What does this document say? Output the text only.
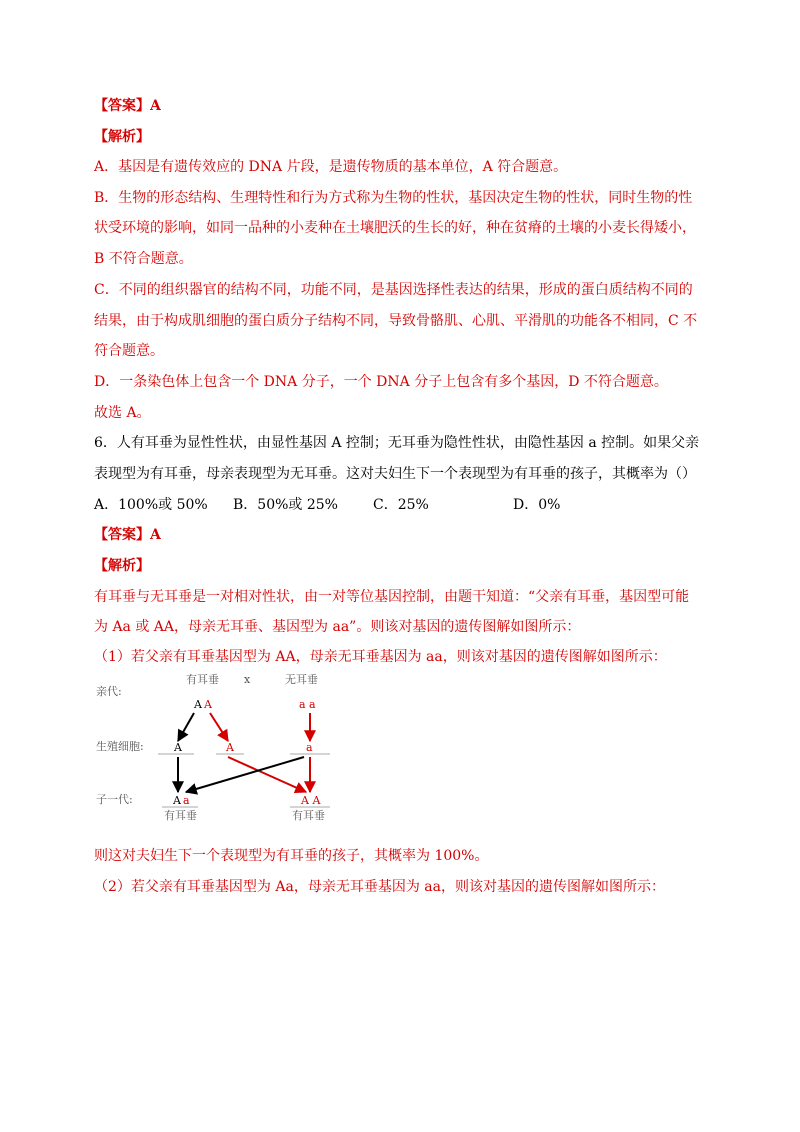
【答案】A
【解析】
A．基因是有遗传效应的 DNA 片段，是遗传物质的基本单位，A 符合题意。
B．生物的形态结构、生理特性和行为方式称为生物的性状，基因决定生物的性状，同时生物的性
状受环境的影响，如同一品种的小麦种在土壤肥沃的生长的好，种在贫瘠的土壤的小麦长得矮小，
B 不符合题意。
C．不同的组织器官的结构不同，功能不同，是基因选择性表达的结果，形成的蛋白质结构不同的
结果，由于构成肌细胞的蛋白质分子结构不同，导致骨骼肌、心肌、平滑肌的功能各不相同，C 不
符合题意。
D．一条染色体上包含一个 DNA 分子，一个 DNA 分子上包含有多个基因，D 不符合题意。
故选 A。
6．人有耳垂为显性性状，由显性基因 A 控制；无耳垂为隐性性状，由隐性基因 a 控制。如果父亲
表现型为有耳垂，母亲表现型为无耳垂。这对夫妇生下一个表现型为有耳垂的孩子，其概率为（）
A．100%或 50% B．50%或 25%	C．25%	D．0%
【答案】A
【解析】
有耳垂与无耳垂是一对相对性状，由一对等位基因控制，由题干知道：“父亲有耳垂，基因型可能
为 Aa 或 AA，母亲无耳垂、基因型为 aa”。则该对基因的遗传图解如图所示：
（1）若父亲有耳垂基因型为 AA，母亲无耳垂基因为 aa，则该对基因的遗传图解如图所示：
亲代:
生殖细胞:
子一代:
有耳垂 x	无耳垂
A A	a a
A	A	a
A a	A A
有耳垂	有耳垂
则这对夫妇生下一个表现型为有耳垂的孩子，其概率为 100%。
（2）若父亲有耳垂基因型为 Aa，母亲无耳垂基因为 aa，则该对基因的遗传图解如图所示：
